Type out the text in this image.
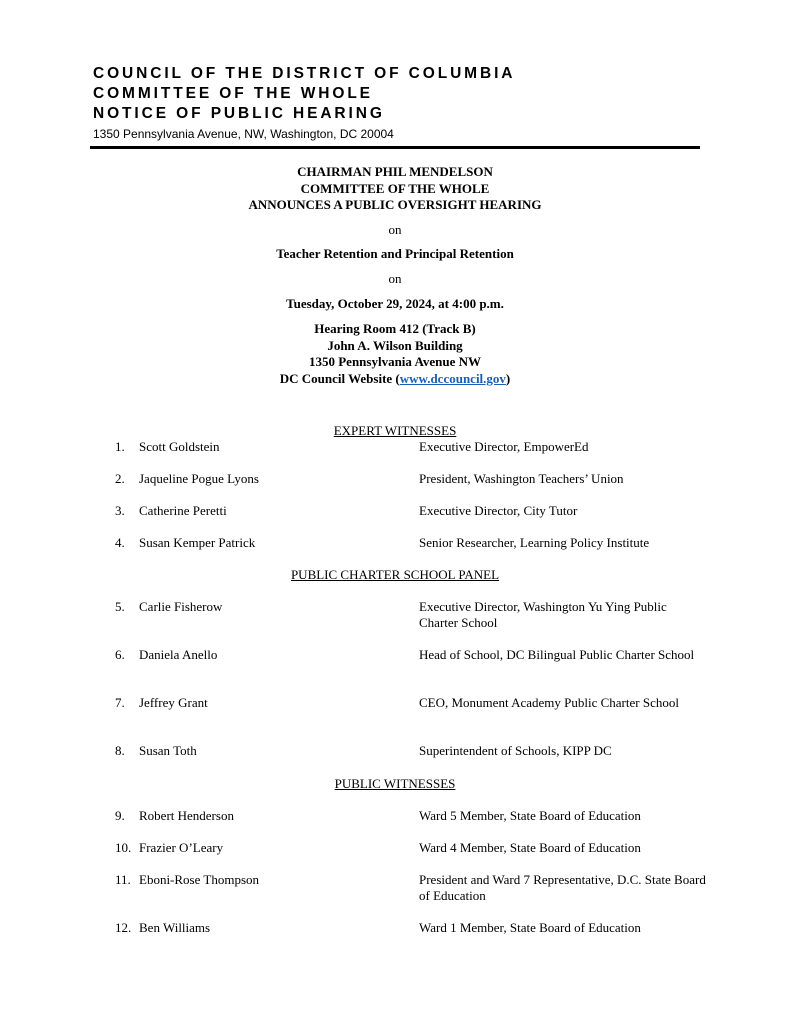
COUNCIL OF THE DISTRICT OF COLUMBIA
COMMITTEE OF THE WHOLE
NOTICE OF PUBLIC HEARING
1350 Pennsylvania Avenue, NW, Washington, DC 20004
CHAIRMAN PHIL MENDELSON
COMMITTEE OF THE WHOLE
ANNOUNCES A PUBLIC OVERSIGHT HEARING
on
Teacher Retention and Principal Retention
on
Tuesday, October 29, 2024, at 4:00 p.m.
Hearing Room 412 (Track B)
John A. Wilson Building
1350 Pennsylvania Avenue NW
DC Council Website (www.dccouncil.gov)
EXPERT WITNESSES
PUBLIC CHARTER SCHOOL PANEL
PUBLIC WITNESSES
1. Scott Goldstein	Executive Director, EmpowerEd
2. Jaqueline Pogue Lyons	President, Washington Teachers’ Union
3. Catherine Peretti	Executive Director, City Tutor
4. Susan Kemper Patrick	Senior Researcher, Learning Policy Institute
5. Carlie Fisherow	Executive Director, Washington Yu Ying Public Charter School
6. Daniela Anello	Head of School, DC Bilingual Public Charter School
7. Jeffrey Grant	CEO, Monument Academy Public Charter School
8. Susan Toth	Superintendent of Schools, KIPP DC
9. Robert Henderson	Ward 5 Member, State Board of Education
10. Frazier O’Leary	Ward 4 Member, State Board of Education
11. Eboni-Rose Thompson	President and Ward 7 Representative, D.C. State Board of Education
12. Ben Williams	Ward 1 Member, State Board of Education
